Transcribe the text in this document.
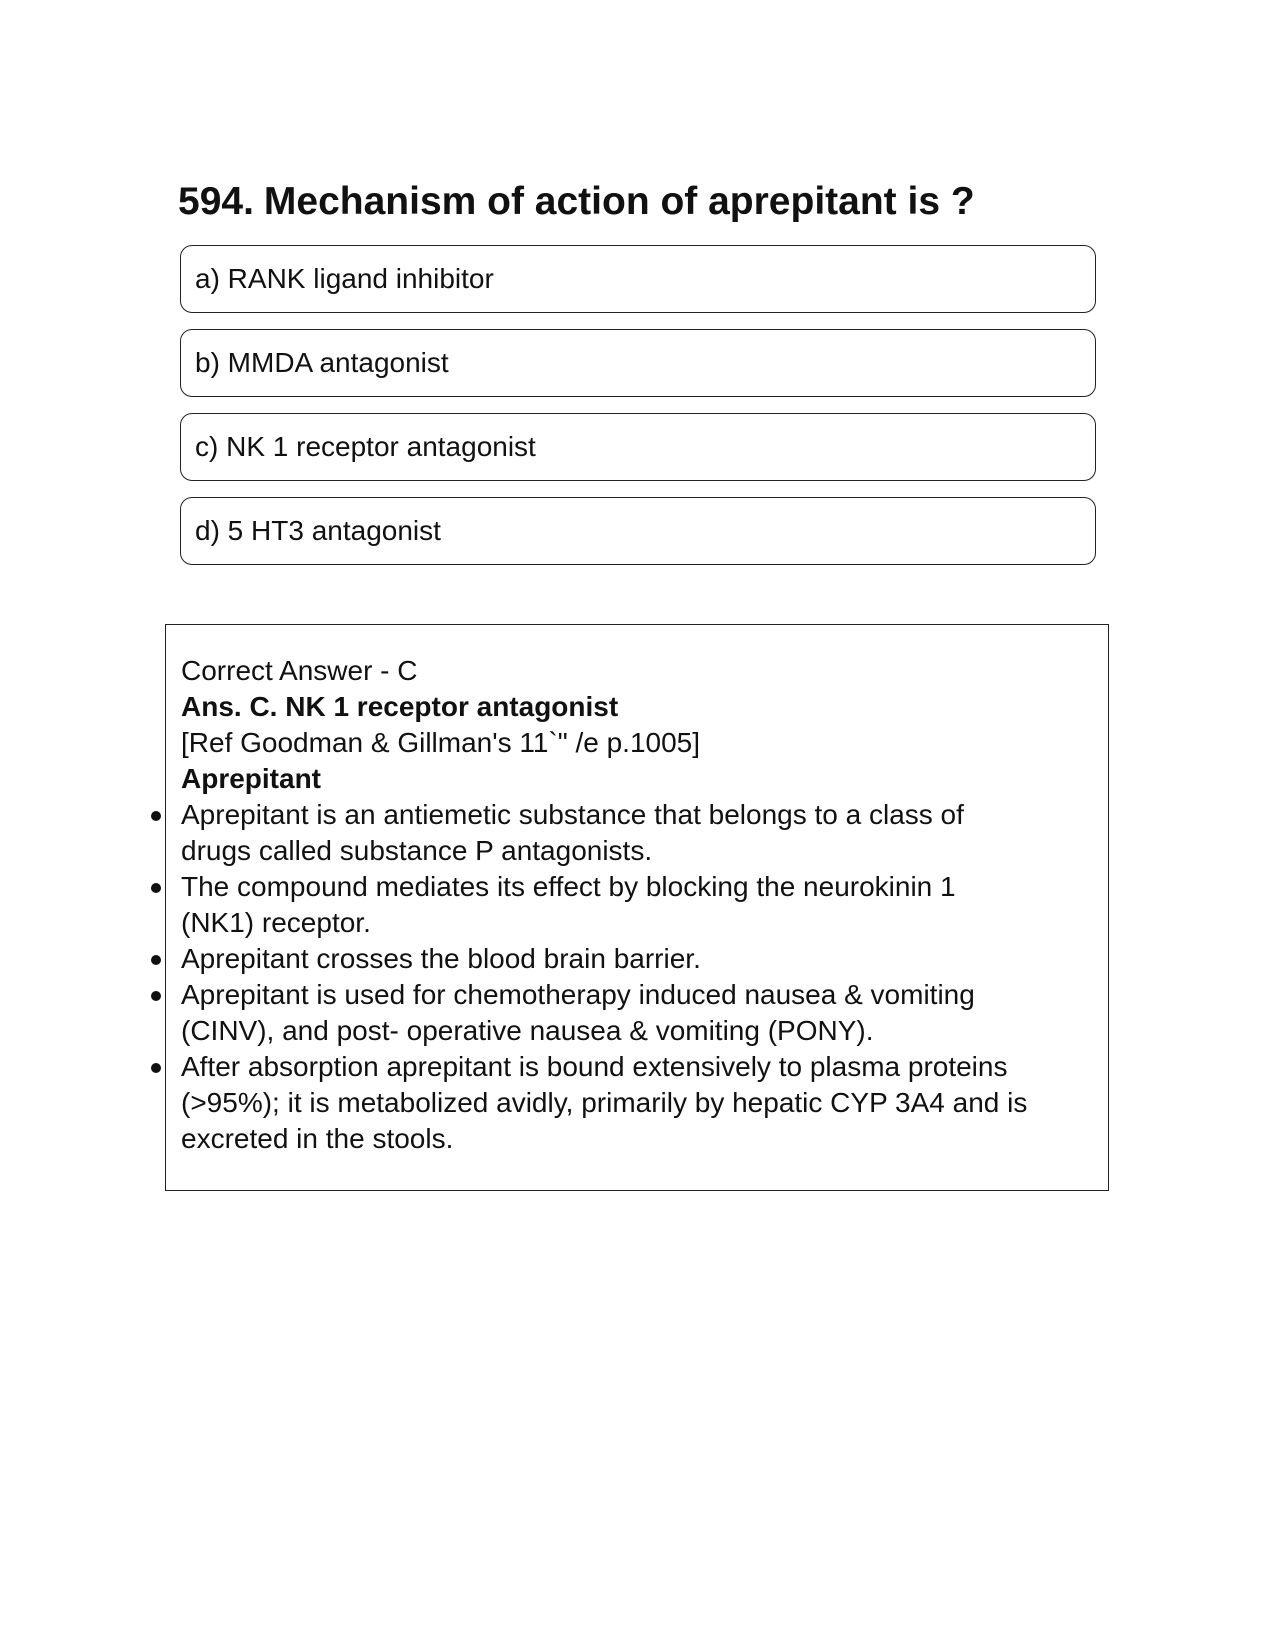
594. Mechanism of action of aprepitant is ?
a) RANK ligand inhibitor
b) MMDA antagonist
c) NK 1 receptor antagonist
d) 5 HT3 antagonist
Correct Answer - C
Ans. C. NK 1 receptor antagonist
[Ref Goodman & Gillman's 11`" /e p.1005]
Aprepitant
Aprepitant is an antiemetic substance that belongs to a class of
drugs called substance P antagonists.
The compound mediates its effect by blocking the neurokinin 1
(NK1) receptor.
Aprepitant crosses the blood brain barrier.
Aprepitant is used for chemotherapy induced nausea & vomiting
(CINV), and post- operative nausea & vomiting (PONY).
After absorption aprepitant is bound extensively to plasma proteins
(>95%); it is metabolized avidly, primarily by hepatic CYP 3A4 and is
excreted in the stools.
